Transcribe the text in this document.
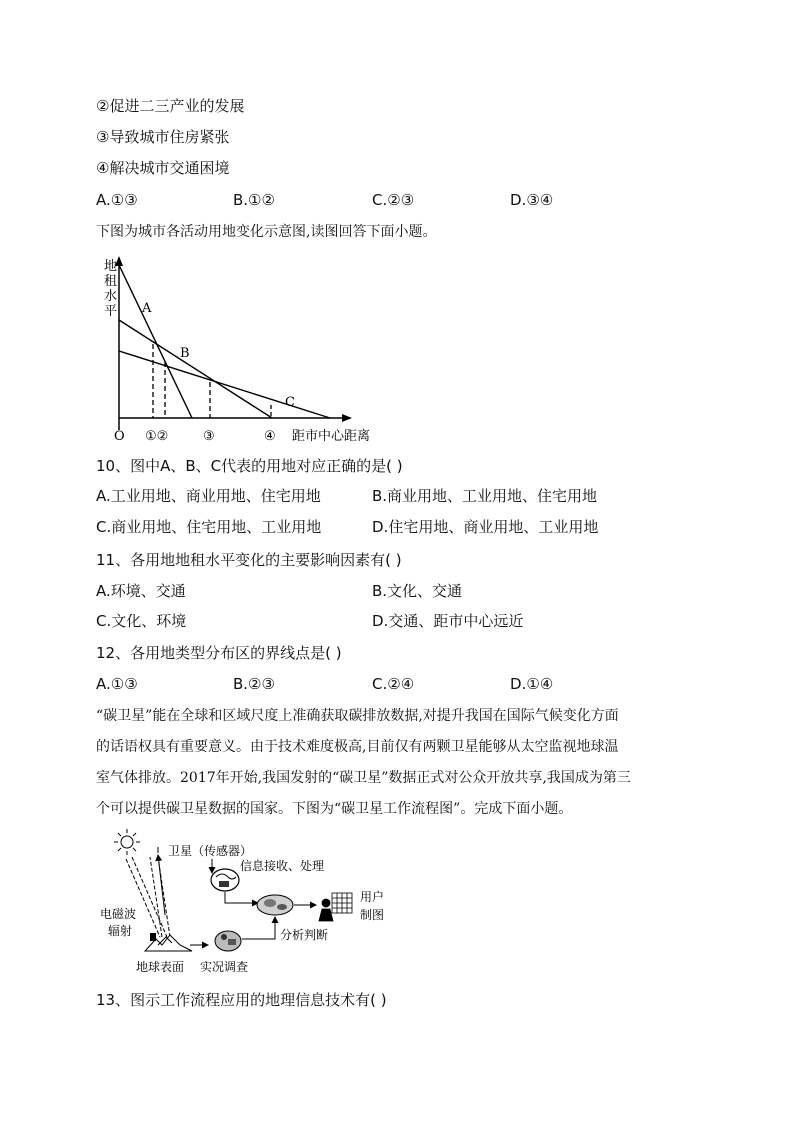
②促进二三产业的发展
③导致城市住房紧张
④解决城市交通困境
A.①③	B.①②	C.②③	D.③④
下图为城市各活动用地变化示意图,读图回答下面小题。
地
租
水
平 A
B
C
O ①②	③	④ 距市中心距离
10、图中A、B、C代表的用地对应正确的是( )
A.工业用地、商业用地、住宅用地	B.商业用地、工业用地、住宅用地
C.商业用地、住宅用地、工业用地	D.住宅用地、商业用地、工业用地
11、各用地地租水平变化的主要影响因素有( )
A.环境、交通	B.文化、交通
C.文化、环境	D.交通、距市中心远近
12、各用地类型分布区的界线点是( )
A.①③	B.②③	C.②④	D.①④
“碳卫星”能在全球和区域尺度上准确获取碳排放数据,对提升我国在国际气候变化方面
的话语权具有重要意义。由于技术难度极高,目前仅有两颗卫星能够从太空监视地球温
室气体排放。2017年开始,我国发射的“碳卫星”数据正式对公众开放共享,我国成为第三
个可以提供碳卫星数据的国家。下图为“碳卫星工作流程图”。完成下面小题。
卫星（传感器）
信息接收、处理
用户
制图
电磁波
辐射
地球表面 实况调查
分析判断
13、图示工作流程应用的地理信息技术有( )
